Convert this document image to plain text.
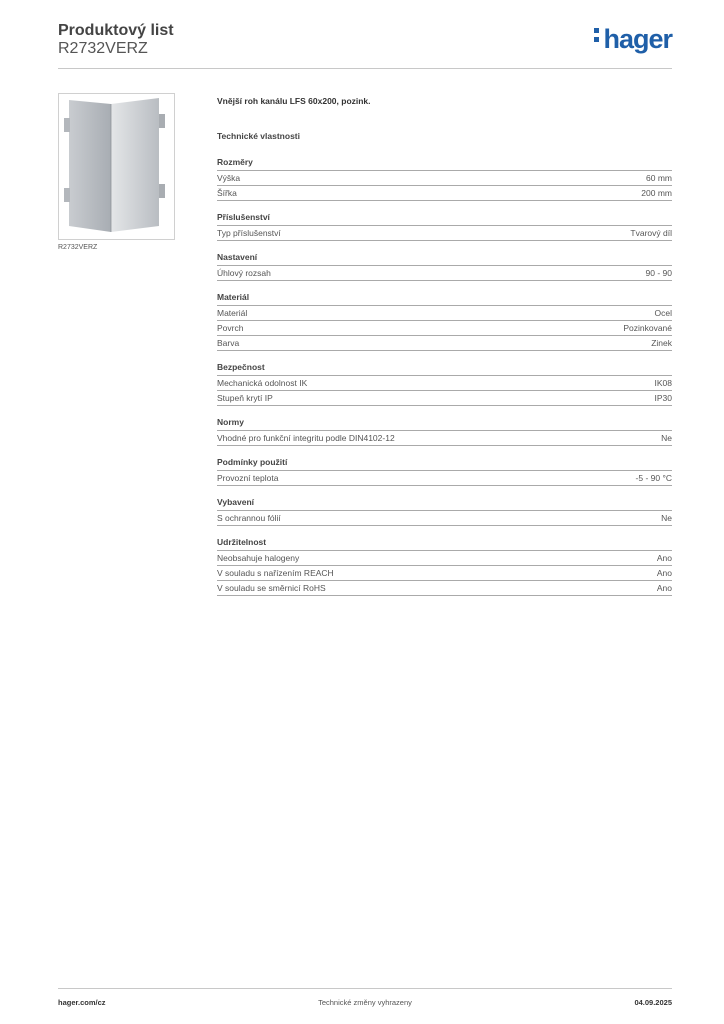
Produktový list
R2732VERZ	hager
R2732VERZ
Vnější roh kanálu LFS 60x200, pozink.
Technické vlastnosti
Rozměry
Výška	60 mm
Šířka	200 mm
Příslušenství
Typ příslušenství	Tvarový díl
Nastavení
Úhlový rozsah	90 - 90
Materiál
Materiál	Ocel
Povrch	Pozinkované
Barva	Zinek
Bezpečnost
Mechanická odolnost IK	IK08
Stupeň krytí IP	IP30
Normy
Vhodné pro funkční integritu podle DIN4102-12	Ne
Podmínky použití
Provozní teplota	-5 - 90 °C
Vybavení
S ochrannou fólií	Ne
Udržitelnost
Neobsahuje halogeny	Ano
V souladu s nařízením REACH	Ano
V souladu se směrnicí RoHS	Ano
hager.com/cz	Technické změny vyhrazeny	04.09.2025
